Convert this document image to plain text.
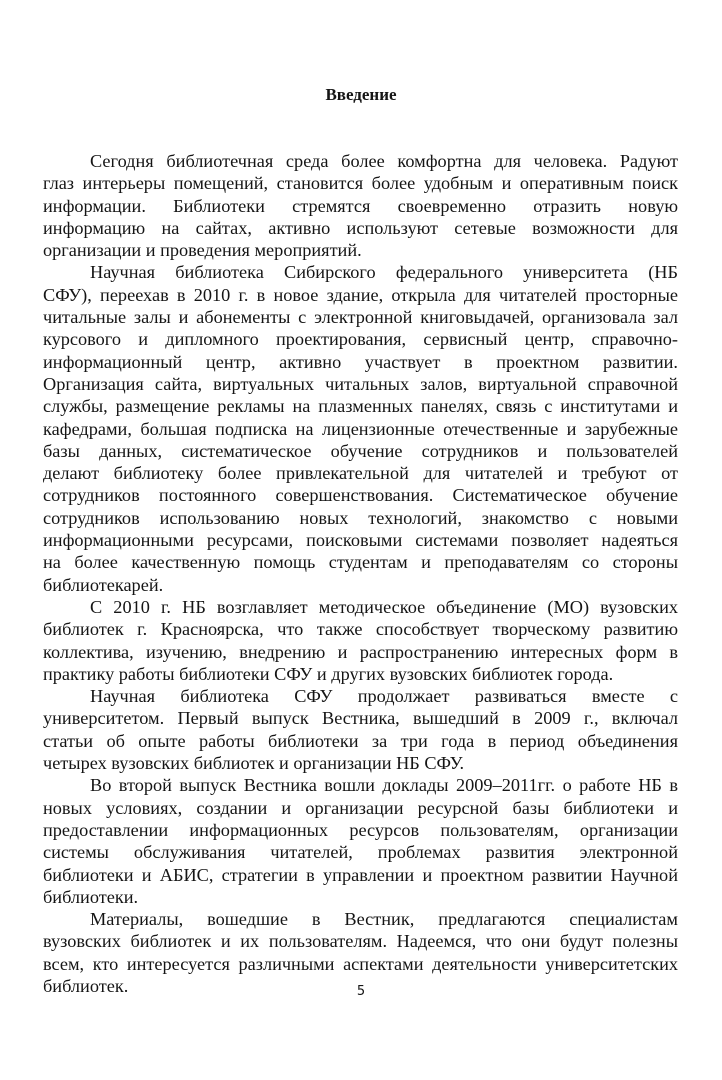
Введение
Сегодня библиотечная среда более комфортна для человека. Радуют
глаз интерьеры помещений, становится более удобным и оперативным поиск
информации. Библиотеки стремятся своевременно отразить новую
информацию на сайтах, активно используют сетевые возможности для
организации и проведения мероприятий.
Научная библиотека Сибирского федерального университета (НБ
СФУ), переехав в 2010 г. в новое здание, открыла для читателей просторные
читальные залы и абонементы с электронной книговыдачей, организовала зал
курсового и дипломного проектирования, сервисный центр, справочно-
информационный центр, активно участвует в проектном развитии.
Организация сайта, виртуальных читальных залов, виртуальной справочной
службы, размещение рекламы на плазменных панелях, связь с институтами и
кафедрами, большая подписка на лицензионные отечественные и зарубежные
базы данных, систематическое обучение сотрудников и пользователей
делают библиотеку более привлекательной для читателей и требуют от
сотрудников постоянного совершенствования. Систематическое обучение
сотрудников использованию новых технологий, знакомство с новыми
информационными ресурсами, поисковыми системами позволяет надеяться
на более качественную помощь студентам и преподавателям со стороны
библиотекарей.
С 2010 г. НБ возглавляет методическое объединение (МО) вузовских
библиотек г. Красноярска, что также способствует творческому развитию
коллектива, изучению, внедрению и распространению интересных форм в
практику работы библиотеки СФУ и других вузовских библиотек города.
Научная библиотека СФУ продолжает развиваться вместе с
университетом. Первый выпуск Вестника, вышедший в 2009 г., включал
статьи об опыте работы библиотеки за три года в период объединения
четырех вузовских библиотек и организации НБ СФУ.
Во второй выпуск Вестника вошли доклады 2009–2011гг. о работе НБ в
новых условиях, создании и организации ресурсной базы библиотеки и
предоставлении информационных ресурсов пользователям, организации
системы обслуживания читателей, проблемах развития электронной
библиотеки и АБИС, стратегии в управлении и проектном развитии Научной
библиотеки.
Материалы, вошедшие в Вестник, предлагаются специалистам
вузовских библиотек и их пользователям. Надеемся, что они будут полезны
всем, кто интересуется различными аспектами деятельности университетских
библиотек.	5
